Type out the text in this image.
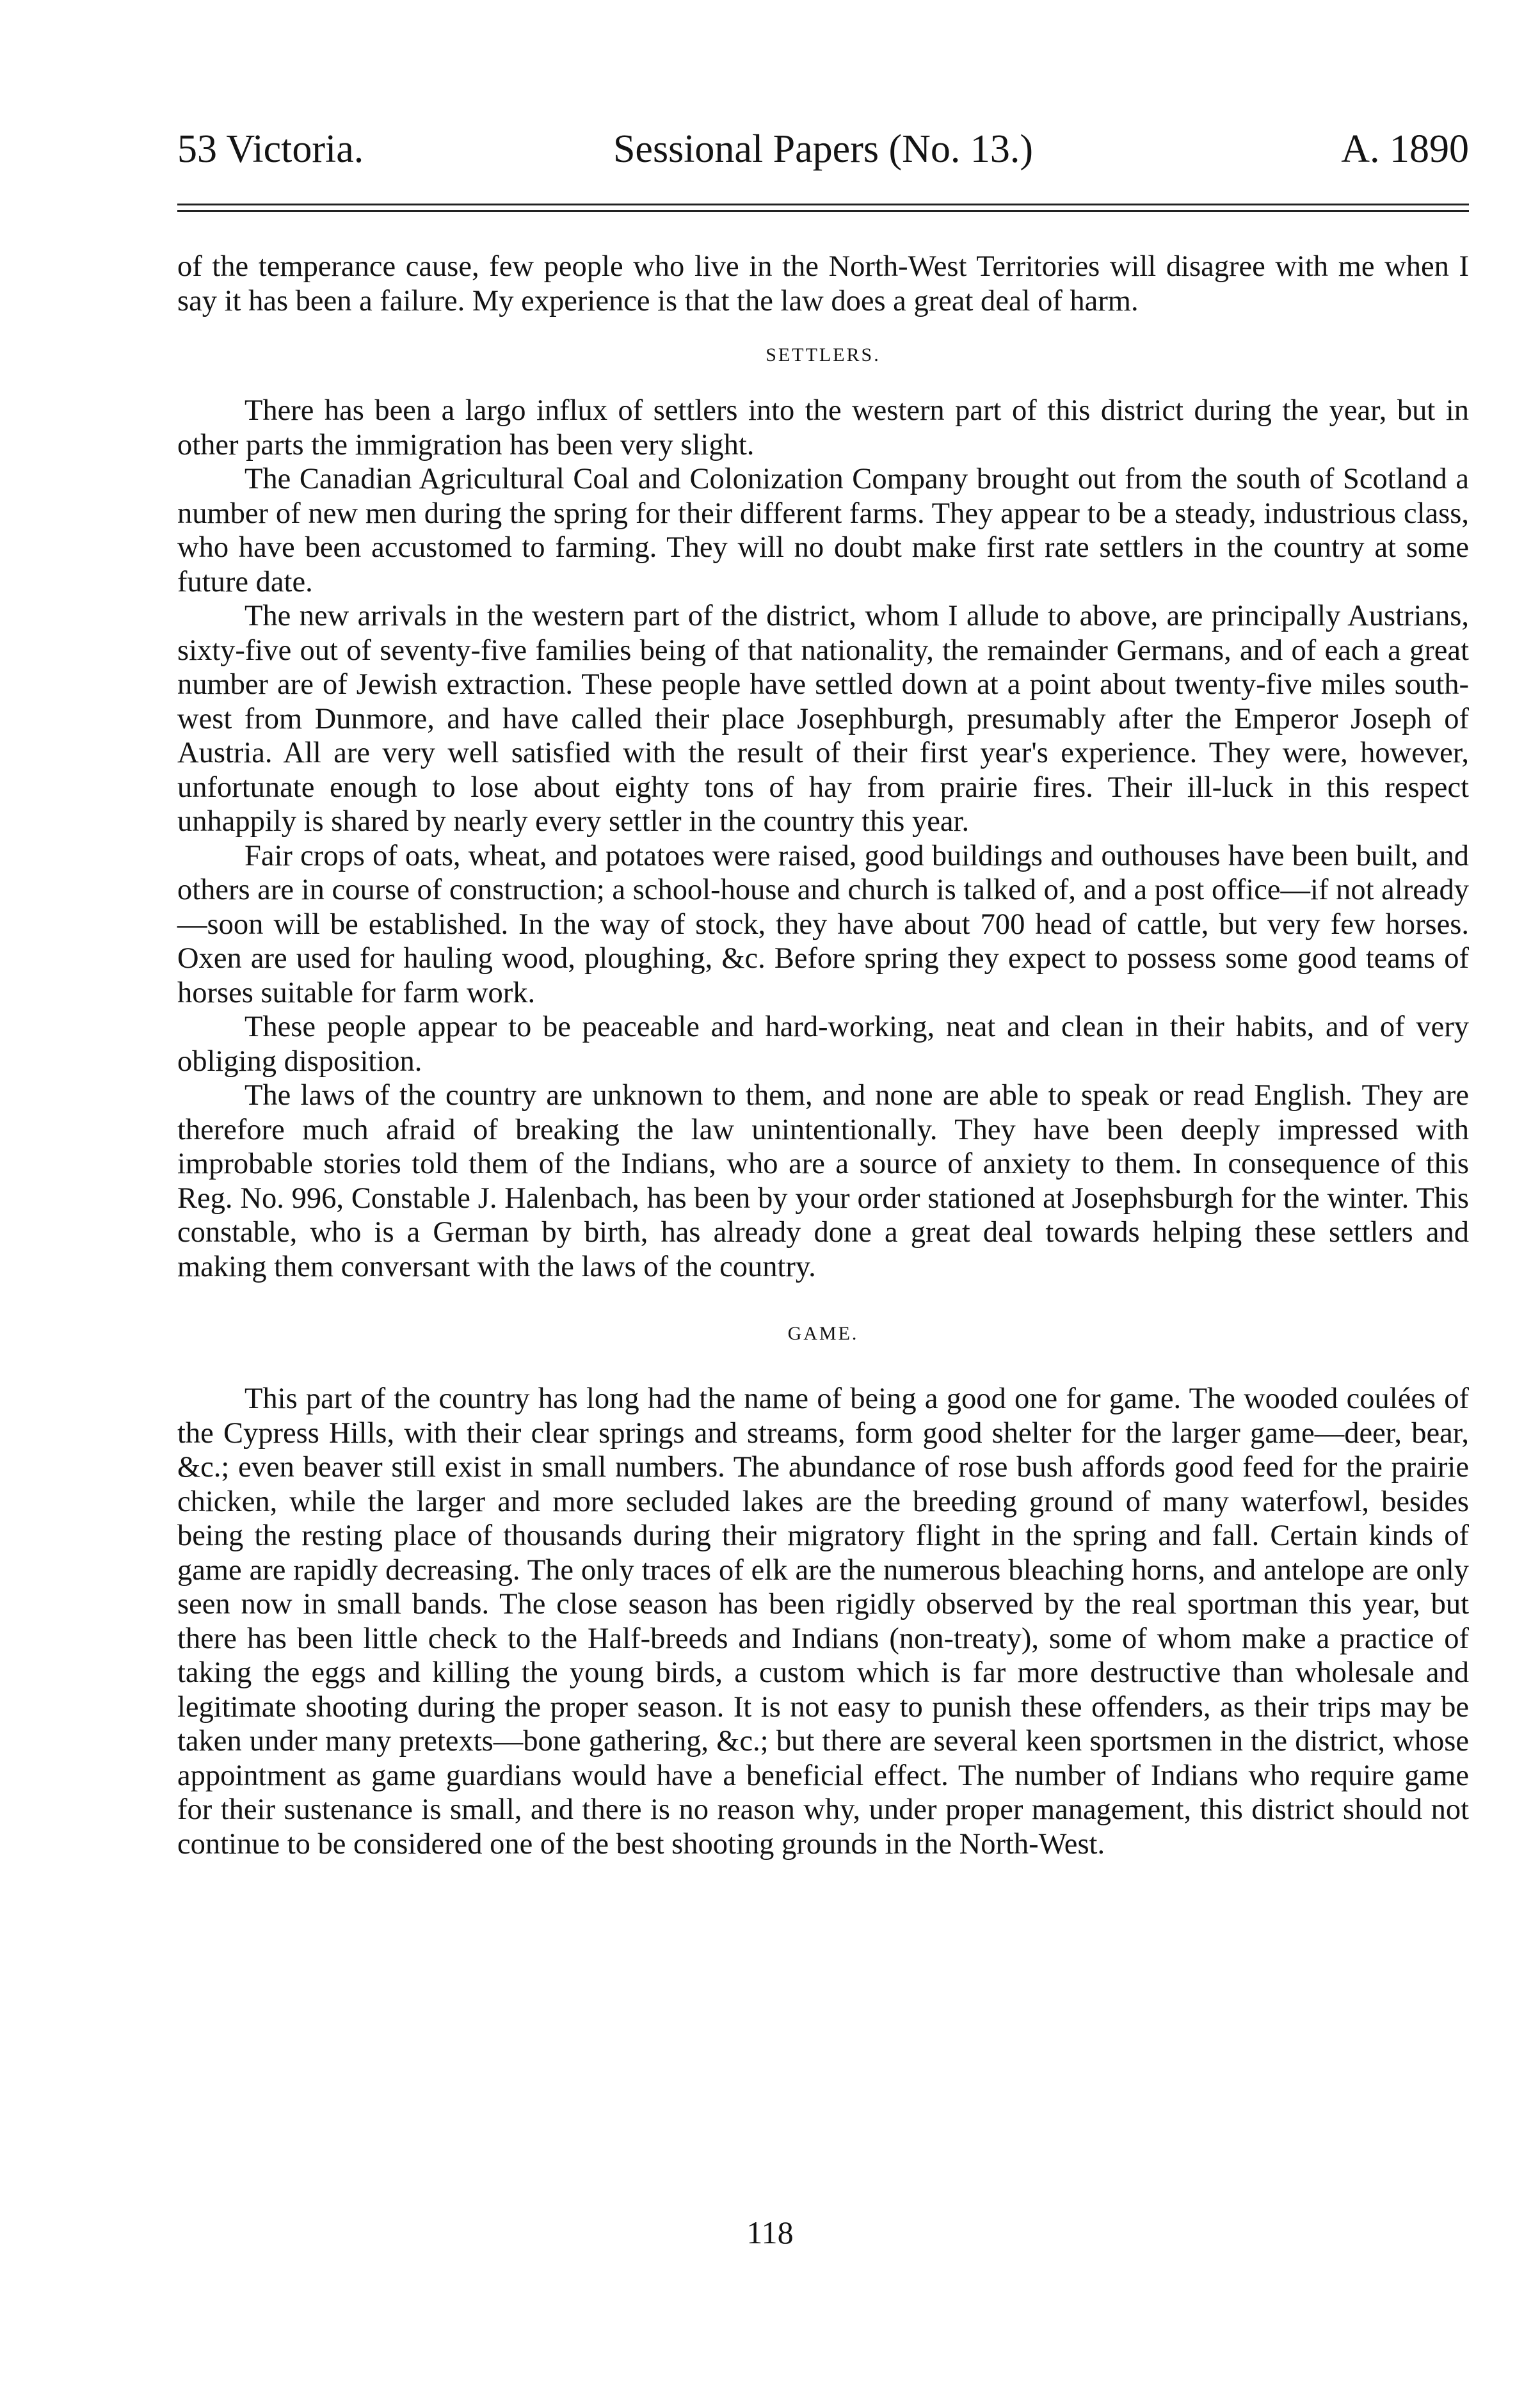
53 Victoria.	Sessional Papers (No. 13.)	A. 1890

of the temperance cause, few people who live in the North-West Territories will disagree with me when I say it has been a failure. My experience is that the law does a great deal of harm.

SETTLERS.

There has been a largo influx of settlers into the western part of this district during the year, but in other parts the immigration has been very slight.

The Canadian Agricultural Coal and Colonization Company brought out from the south of Scotland a number of new men during the spring for their different farms. They appear to be a steady, industrious class, who have been accustomed to farming. They will no doubt make first rate settlers in the country at some future date.

The new arrivals in the western part of the district, whom I allude to above, are principally Austrians, sixty-five out of seventy-five families being of that nationality, the remainder Germans, and of each a great number are of Jewish extraction. These people have settled down at a point about twenty-five miles south-west from Dunmore, and have called their place Josephburgh, presumably after the Emperor Joseph of Austria. All are very well satisfied with the result of their first year's experience. They were, however, unfortunate enough to lose about eighty tons of hay from prairie fires. Their ill-luck in this respect unhappily is shared by nearly every settler in the country this year.

Fair crops of oats, wheat, and potatoes were raised, good buildings and outhouses have been built, and others are in course of construction; a school-house and church is talked of, and a post office—if not already—soon will be established. In the way of stock, they have about 700 head of cattle, but very few horses. Oxen are used for hauling wood, ploughing, &c. Before spring they expect to possess some good teams of horses suitable for farm work.

These people appear to be peaceable and hard-working, neat and clean in their habits, and of very obliging disposition.

The laws of the country are unknown to them, and none are able to speak or read English. They are therefore much afraid of breaking the law unintentionally. They have been deeply impressed with improbable stories told them of the Indians, who are a source of anxiety to them. In consequence of this Reg. No. 996, Constable J. Halenbach, has been by your order stationed at Josephsburgh for the winter. This constable, who is a German by birth, has already done a great deal towards helping these settlers and making them conversant with the laws of the country.

GAME.

This part of the country has long had the name of being a good one for game. The wooded coulées of the Cypress Hills, with their clear springs and streams, form good shelter for the larger game—deer, bear, &c.; even beaver still exist in small numbers. The abundance of rose bush affords good feed for the prairie chicken, while the larger and more secluded lakes are the breeding ground of many waterfowl, besides being the resting place of thousands during their migratory flight in the spring and fall. Certain kinds of game are rapidly decreasing. The only traces of elk are the numerous bleaching horns, and antelope are only seen now in small bands. The close season has been rigidly observed by the real sportman this year, but there has been little check to the Half-breeds and Indians (non-treaty), some of whom make a practice of taking the eggs and killing the young birds, a custom which is far more destructive than wholesale and legitimate shooting during the proper season. It is not easy to punish these offenders, as their trips may be taken under many pretexts—bone gathering, &c.; but there are several keen sportsmen in the district, whose appointment as game guardians would have a beneficial effect. The number of Indians who require game for their sustenance is small, and there is no reason why, under proper management, this district should not continue to be considered one of the best shooting grounds in the North-West.

118
